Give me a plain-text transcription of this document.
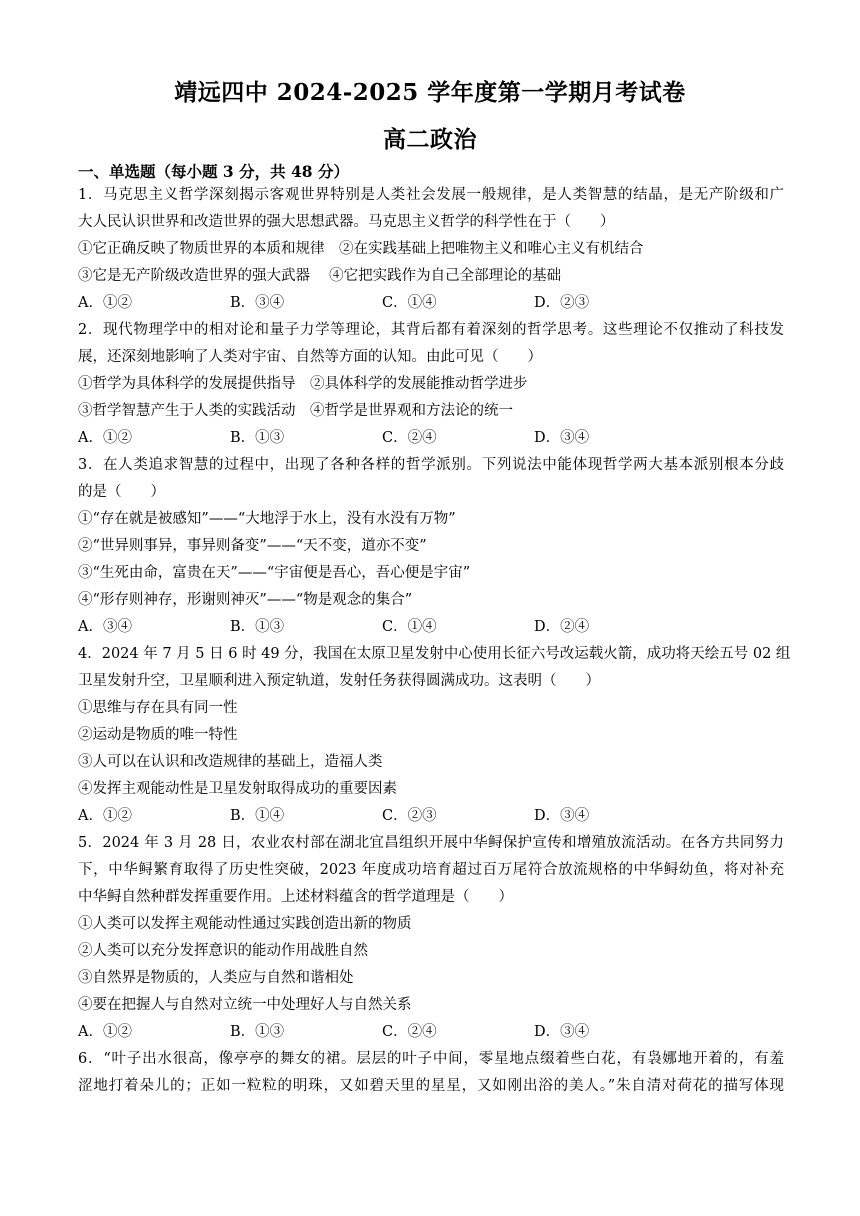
靖远四中 2024-2025 学年度第一学期月考试卷
高二政治
一、单选题（每小题 3 分，共 48 分）
1．马克思主义哲学深刻揭示客观世界特别是人类社会发展一般规律，是人类智慧的结晶，是无产阶级和广
大人民认识世界和改造世界的强大思想武器。马克思主义哲学的科学性在于（　　）
①它正确反映了物质世界的本质和规律　②在实践基础上把唯物主义和唯心主义有机结合
③它是无产阶级改造世界的强大武器　 ④它把实践作为自己全部理论的基础
A．①②	B．③④	C．①④	D．②③
2．现代物理学中的相对论和量子力学等理论，其背后都有着深刻的哲学思考。这些理论不仅推动了科技发
展，还深刻地影响了人类对宇宙、自然等方面的认知。由此可见（　　）
①哲学为具体科学的发展提供指导　②具体科学的发展能推动哲学进步
③哲学智慧产生于人类的实践活动　④哲学是世界观和方法论的统一
A．①②	B．①③	C．②④	D．③④
3．在人类追求智慧的过程中，出现了各种各样的哲学派别。下列说法中能体现哲学两大基本派别根本分歧
的是（　　）
①“存在就是被感知”——“大地浮于水上，没有水没有万物”
②“世异则事异，事异则备变”——“天不变，道亦不变”
③“生死由命，富贵在天”——“宇宙便是吾心，吾心便是宇宙”
④“形存则神存，形谢则神灭”——“物是观念的集合”
A．③④	B．①③	C．①④	D．②④
4．2024 年 7 月 5 日 6 时 49 分，我国在太原卫星发射中心使用长征六号改运载火箭，成功将天绘五号 02 组
卫星发射升空，卫星顺利进入预定轨道，发射任务获得圆满成功。这表明（　　）
①思维与存在具有同一性
②运动是物质的唯一特性
③人可以在认识和改造规律的基础上，造福人类
④发挥主观能动性是卫星发射取得成功的重要因素
A．①②	B．①④	C．②③	D．③④
5．2024 年 3 月 28 日，农业农村部在湖北宜昌组织开展中华鲟保护宣传和增殖放流活动。在各方共同努力
下，中华鲟繁育取得了历史性突破，2023 年度成功培育超过百万尾符合放流规格的中华鲟幼鱼，将对补充
中华鲟自然种群发挥重要作用。上述材料蕴含的哲学道理是（　　）
①人类可以发挥主观能动性通过实践创造出新的物质
②人类可以充分发挥意识的能动作用战胜自然
③自然界是物质的，人类应与自然和谐相处
④要在把握人与自然对立统一中处理好人与自然关系
A．①②	B．①③	C．②④	D．③④
6．“叶子出水很高，像亭亭的舞女的裙。层层的叶子中间，零星地点缀着些白花，有袅娜地开着的，有羞
涩地打着朵儿的；正如一粒粒的明珠，又如碧天里的星星，又如刚出浴的美人。”朱自清对荷花的描写体现
